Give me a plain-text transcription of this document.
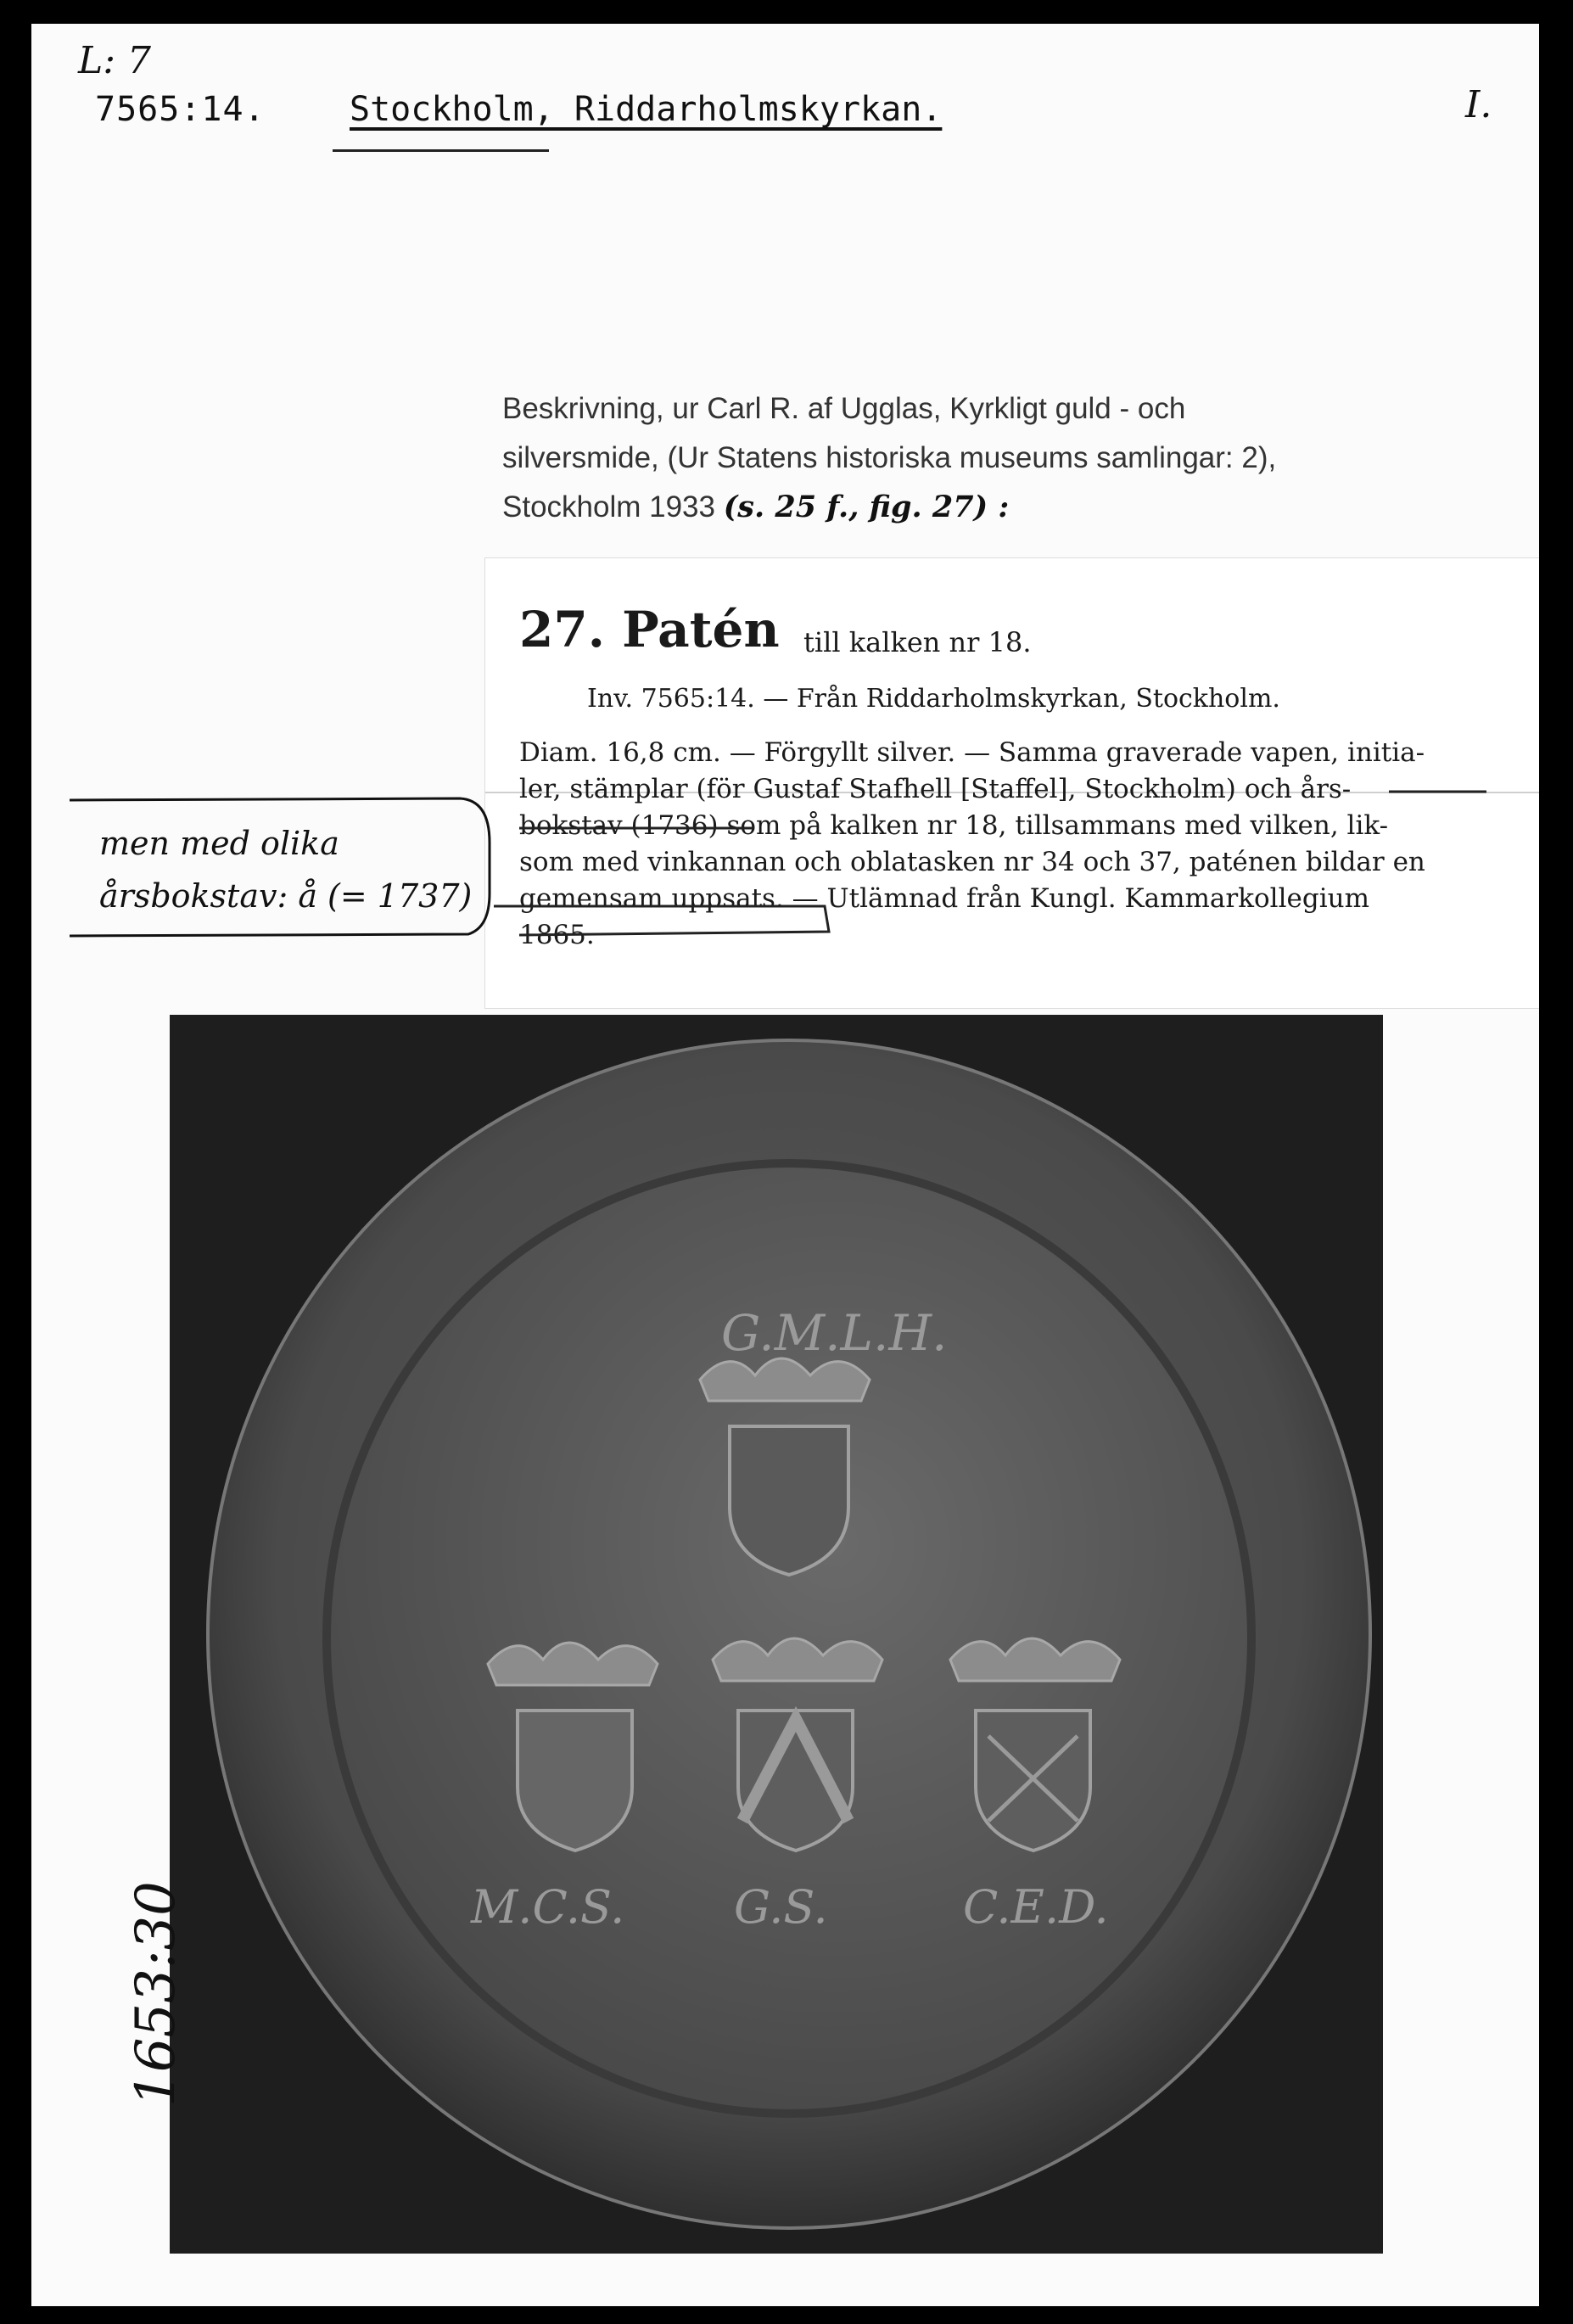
L: 7
7565:14. Stockholm, Riddarholmskyrkan.	I.
Beskrivning, ur Carl R. af Ugglas, Kyrkligt guld - och
silversmide, (Ur Statens historiska museums samlingar: 2),
Stockholm 1933 (s. 25 f., fig. 27) :
27. Patén till kalken nr 18.
Inv. 7565:14. — Från Riddarholmskyrkan, Stockholm.
Diam. 16,8 cm. — Förgyllt silver. — Samma graverade vapen, initia-
ler, stämplar (för Gustaf Stafhell [Staffel], Stockholm) och års-
bokstav (1736) som på kalken nr 18, tillsammans med vilken, lik-
som med vinkannan och oblatasken nr 34 och 37, paténen bildar en
gemensam uppsats. — Utlämnad från Kungl. Kammarkollegium
1865.
men med olika
årsbokstav: å (= 1737)
G.M.L.H.
M.C.S. G.S.	C.E.D.
1653:30
